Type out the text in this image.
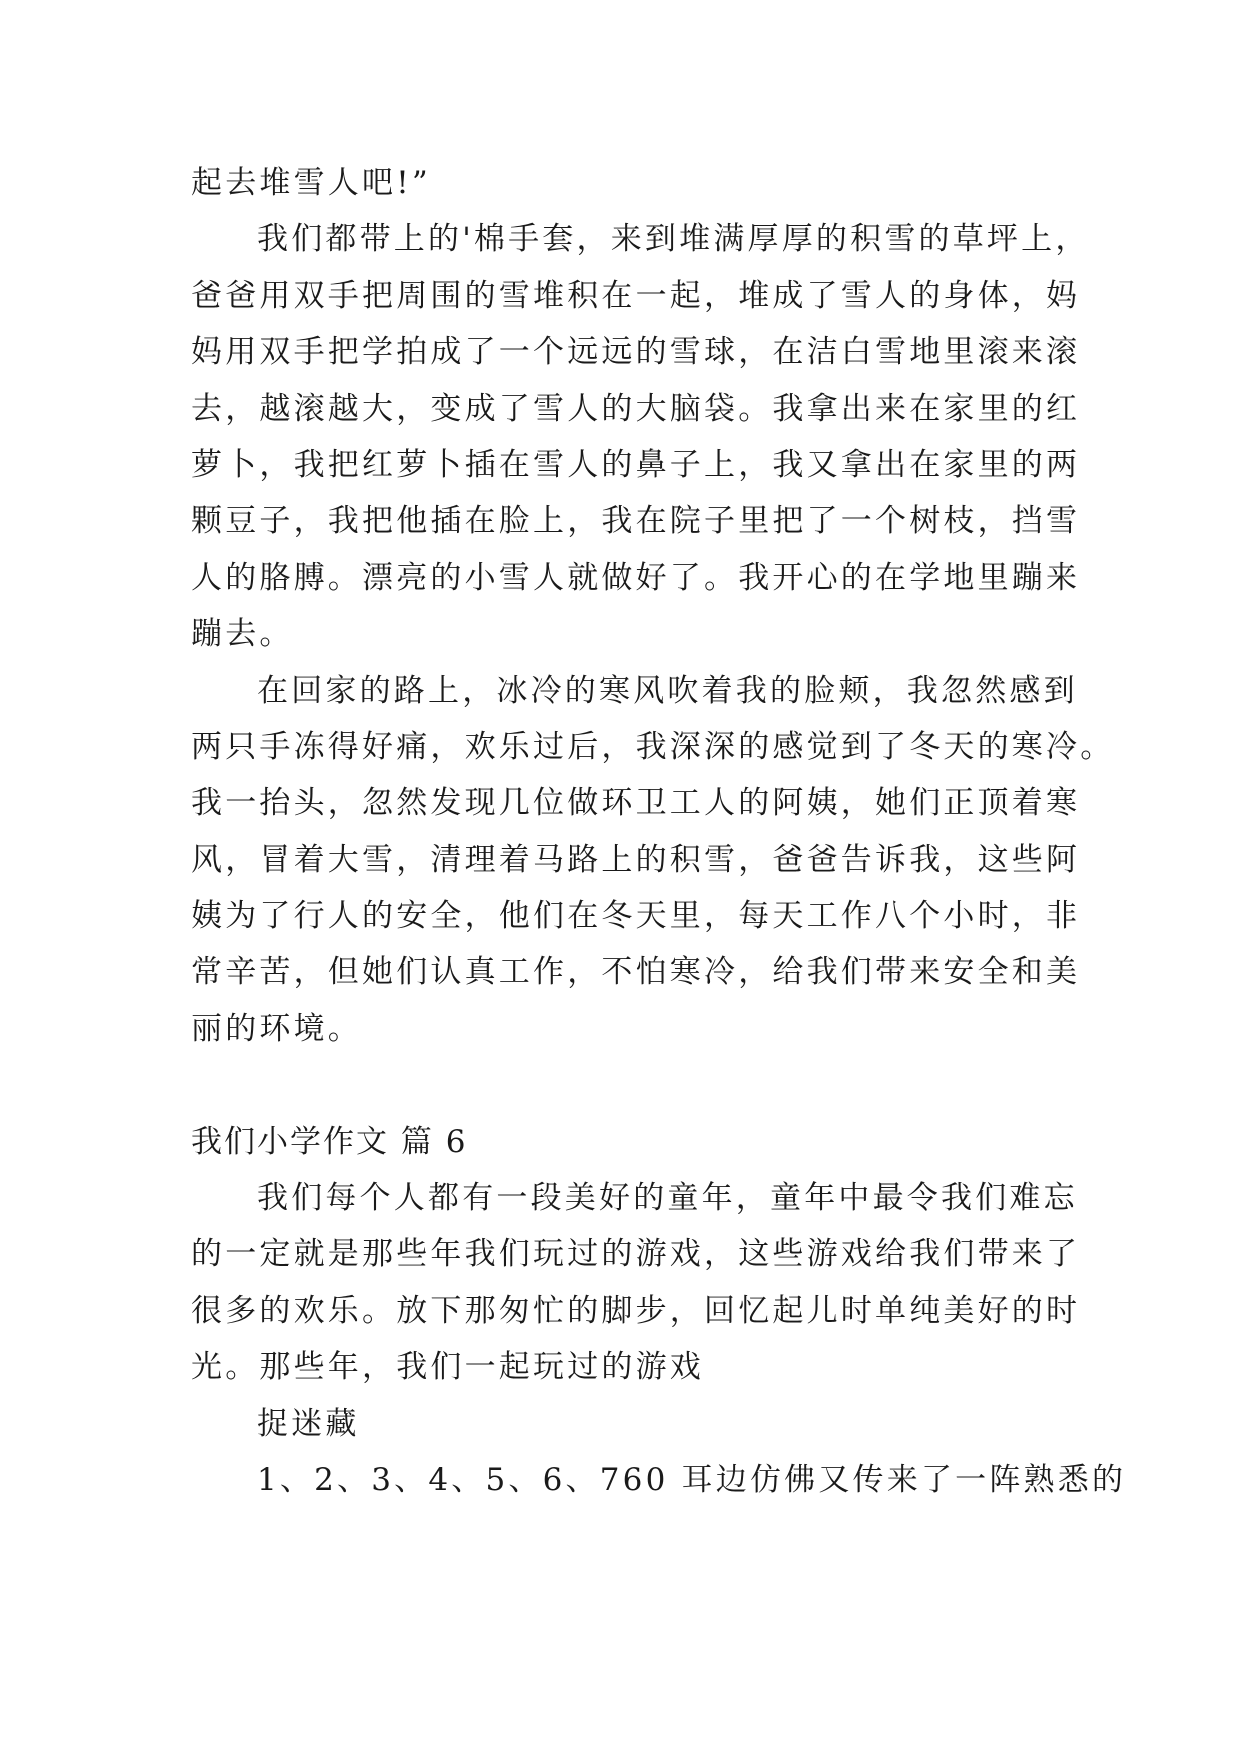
起去堆雪人吧!”
我们都带上的'棉手套，来到堆满厚厚的积雪的草坪上，
爸爸用双手把周围的雪堆积在一起，堆成了雪人的身体，妈
妈用双手把学拍成了一个远远的雪球，在洁白雪地里滚来滚
去，越滚越大，变成了雪人的大脑袋。我拿出来在家里的红
萝卜，我把红萝卜插在雪人的鼻子上，我又拿出在家里的两
颗豆子，我把他插在脸上，我在院子里把了一个树枝，挡雪
人的胳膊。漂亮的小雪人就做好了。我开心的在学地里蹦来
蹦去。
在回家的路上，冰冷的寒风吹着我的脸颊，我忽然感到
两只手冻得好痛，欢乐过后，我深深的感觉到了冬天的寒冷。
我一抬头，忽然发现几位做环卫工人的阿姨，她们正顶着寒
风，冒着大雪，清理着马路上的积雪，爸爸告诉我，这些阿
姨为了行人的安全，他们在冬天里，每天工作八个小时，非
常辛苦，但她们认真工作，不怕寒冷，给我们带来安全和美
丽的环境。
我们小学作文 篇 6
我们每个人都有一段美好的童年，童年中最令我们难忘
的一定就是那些年我们玩过的游戏，这些游戏给我们带来了
很多的欢乐。放下那匆忙的脚步，回忆起儿时单纯美好的时
光。那些年，我们一起玩过的游戏
捉迷藏
1、2、3、4、5、6、760 耳边仿佛又传来了一阵熟悉的
